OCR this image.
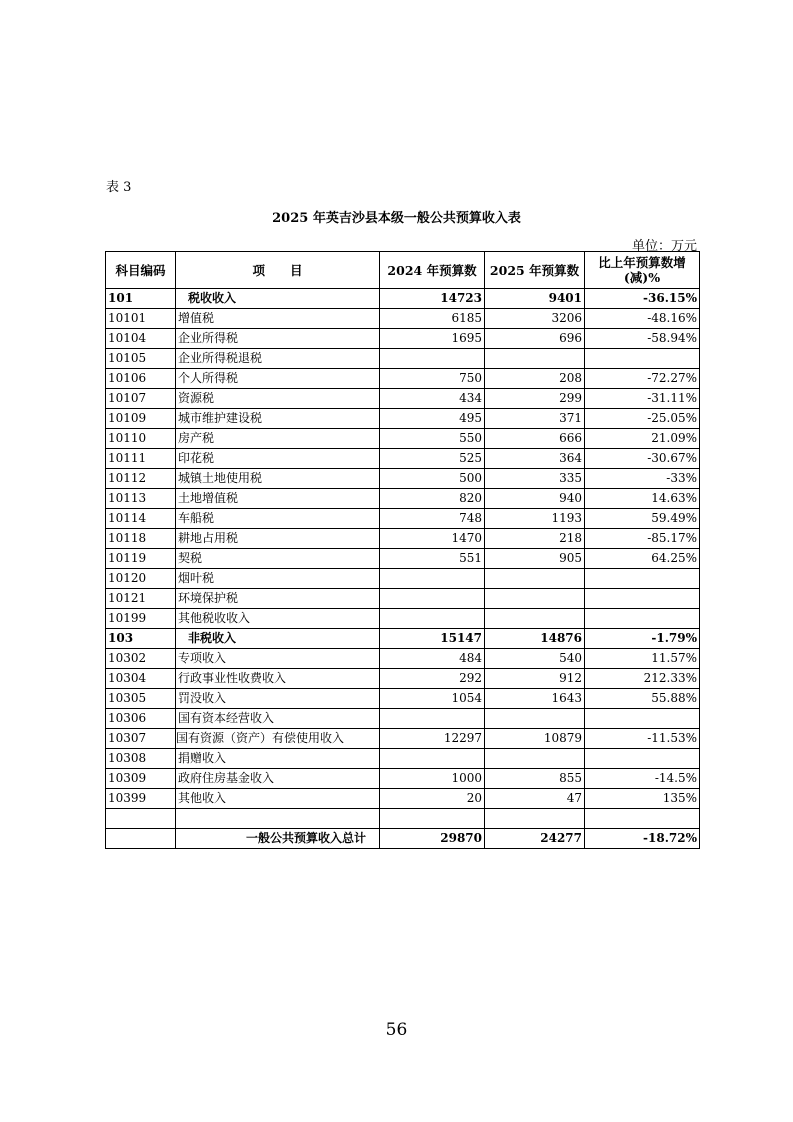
表 3
2025 年英吉沙县本级一般公共预算收入表
单位：万元
科目编码	项　　目	2024 年预算数	2025 年预算数	比上年预算数增(减)%
101	税收收入	14723	9401	-36.15%
10101	增值税	6185	3206	-48.16%
10104	企业所得税	1695	696	-58.94%
10105	企业所得税退税			
10106	个人所得税	750	208	-72.27%
10107	资源税	434	299	-31.11%
10109	城市维护建设税	495	371	-25.05%
10110	房产税	550	666	21.09%
10111	印花税	525	364	-30.67%
10112	城镇土地使用税	500	335	-33%
10113	土地增值税	820	940	14.63%
10114	车船税	748	1193	59.49%
10118	耕地占用税	1470	218	-85.17%
10119	契税	551	905	64.25%
10120	烟叶税			
10121	环境保护税			
10199	其他税收收入			
103	非税收入	15147	14876	-1.79%
10302	专项收入	484	540	11.57%
10304	行政事业性收费收入	292	912	212.33%
10305	罚没收入	1054	1643	55.88%
10306	国有资本经营收入			
10307	国有资源（资产）有偿使用收入	12297	10879	-11.53%
10308	捐赠收入			
10309	政府住房基金收入	1000	855	-14.5%
10399	其他收入	20	47	135%

	一般公共预算收入总计	29870	24277	-18.72%
56
